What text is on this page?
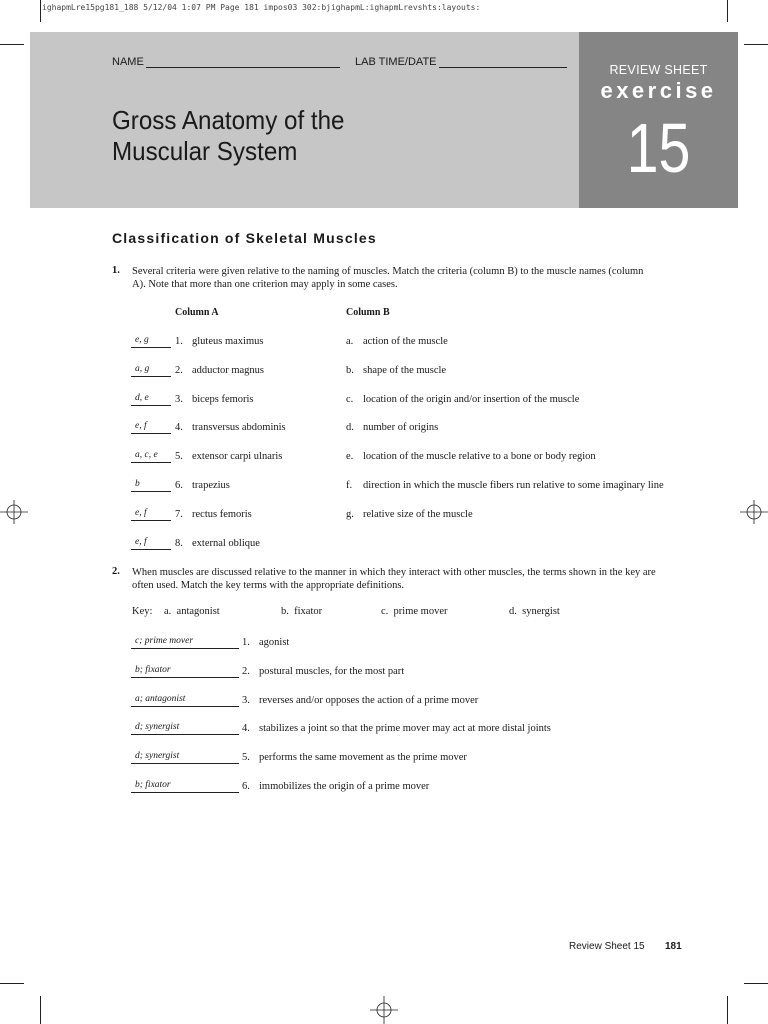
ighapmLre15pg181_188 5/12/04 1:07 PM Page 181 impos03 302:bjighapmL:ighapmLrevshts:layouts:
NAME	LAB TIME/DATE
Gross Anatomy of the
Muscular System
REVIEW SHEET
exercise
15
Classification of Skeletal Muscles
1. Several criteria were given relative to the naming of muscles. Match the criteria (column B) to the muscle names (column
A). Note that more than one criterion may apply in some cases.
Column A	Column B
e, g	1. gluteus maximus	a. action of the muscle
a, g	2. adductor magnus	b. shape of the muscle
d, e	3. biceps femoris	c. location of the origin and/or insertion of the muscle
e, f	4. transversus abdominis	d. number of origins
a, c, e	5. extensor carpi ulnaris	e. location of the muscle relative to a bone or body region
b	6. trapezius	f. direction in which the muscle fibers run relative to some imaginary line
e, f	7. rectus femoris	g. relative size of the muscle
e, f	8. external oblique
2. When muscles are discussed relative to the manner in which they interact with other muscles, the terms shown in the key are
often used. Match the key terms with the appropriate definitions.
Key: a. antagonist	b. fixator	c. prime mover	d. synergist
c; prime mover	1. agonist
b; fixator	2. postural muscles, for the most part
a; antagonist	3. reverses and/or opposes the action of a prime mover
d; synergist	4. stabilizes a joint so that the prime mover may act at more distal joints
d; synergist	5. performs the same movement as the prime mover
b; fixator	6. immobilizes the origin of a prime mover
Review Sheet 15 181
